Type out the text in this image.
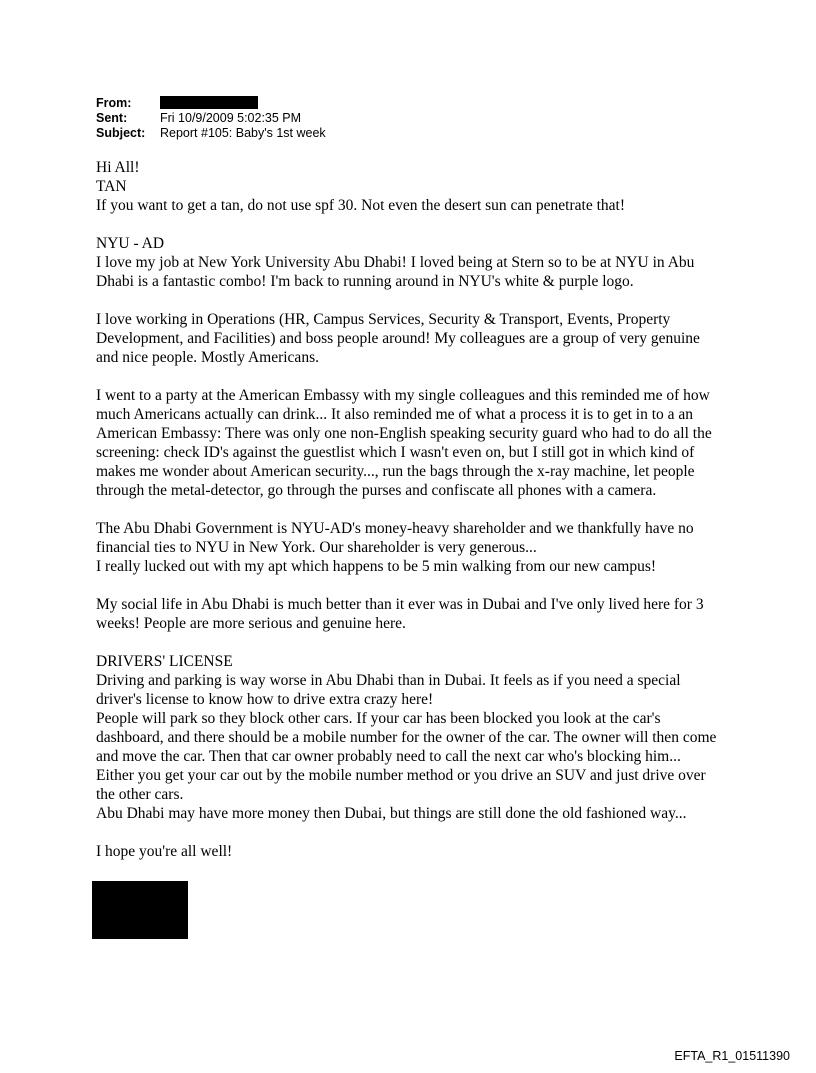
From:
Sent:	Fri 10/9/2009 5:02:35 PM
Subject:	Report #105: Baby's 1st week

Hi All!

TAN

If you want to get a tan, do not use spf 30. Not even the desert sun can penetrate that!

NYU - AD

I love my job at New York University Abu Dhabi! I loved being at Stern so to be at NYU in Abu Dhabi is a fantastic combo! I'm back to running around in NYU's white & purple logo.

I love working in Operations (HR, Campus Services, Security & Transport, Events, Property Development, and Facilities) and boss people around! My colleagues are a group of very genuine and nice people. Mostly Americans.

I went to a party at the American Embassy with my single colleagues and this reminded me of how much Americans actually can drink... It also reminded me of what a process it is to get in to a an American Embassy: There was only one non-English speaking security guard who had to do all the screening: check ID's against the guestlist which I wasn't even on, but I still got in which kind of makes me wonder about American security..., run the bags through the x-ray machine, let people through the metal-detector, go through the purses and confiscate all phones with a camera.

The Abu Dhabi Government is NYU-AD's money-heavy shareholder and we thankfully have no financial ties to NYU in New York. Our shareholder is very generous...

I really lucked out with my apt which happens to be 5 min walking from our new campus!

My social life in Abu Dhabi is much better than it ever was in Dubai and I've only lived here for 3 weeks! People are more serious and genuine here.

DRIVERS' LICENSE

Driving and parking is way worse in Abu Dhabi than in Dubai. It feels as if you need a special driver's license to know how to drive extra crazy here!

People will park so they block other cars. If your car has been blocked you look at the car's dashboard, and there should be a mobile number for the owner of the car. The owner will then come and move the car. Then that car owner probably need to call the next car who's blocking him...

Either you get your car out by the mobile number method or you drive an SUV and just drive over the other cars.

Abu Dhabi may have more money then Dubai, but things are still done the old fashioned way...

I hope you're all well!

EFTA_R1_01511390
